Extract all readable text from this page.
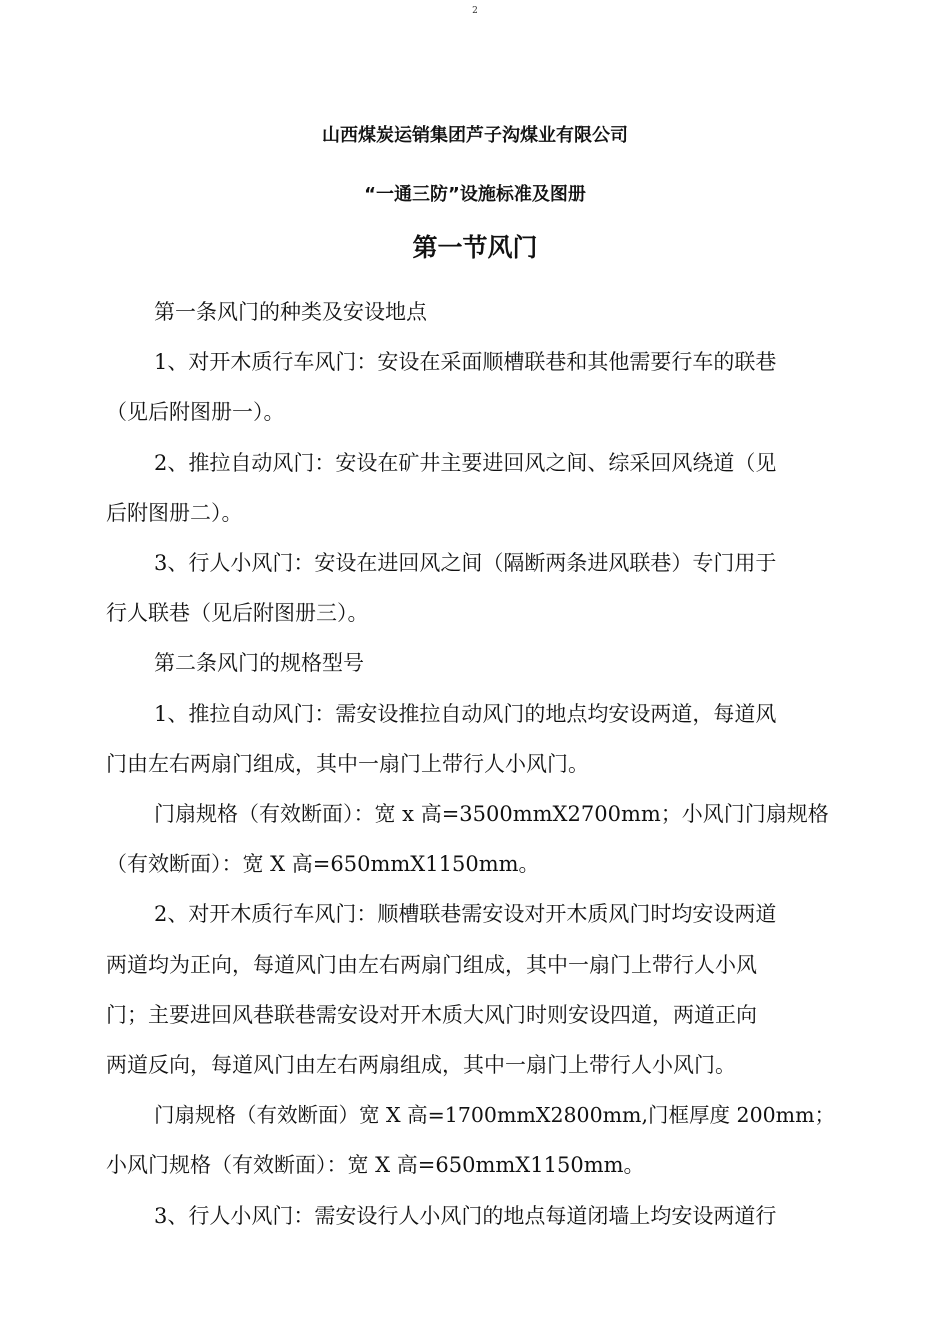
2
山西煤炭运销集团芦子沟煤业有限公司
“一通三防”设施标准及图册
第一节风门
第一条风门的种类及安设地点
1、对开木质行车风门：安设在采面顺槽联巷和其他需要行车的联巷
（见后附图册一）。
2、推拉自动风门：安设在矿井主要进回风之间、综采回风绕道（见
后附图册二）。
3、行人小风门：安设在进回风之间（隔断两条进风联巷）专门用于
行人联巷（见后附图册三）。
第二条风门的规格型号
1、推拉自动风门：需安设推拉自动风门的地点均安设两道，每道风
门由左右两扇门组成，其中一扇门上带行人小风门。
门扇规格（有效断面）：宽 x 高=3500mmX2700mm；小风门门扇规格
（有效断面）：宽 X 高=650mmX1150mm。
2、对开木质行车风门：顺槽联巷需安设对开木质风门时均安设两道
两道均为正向，每道风门由左右两扇门组成，其中一扇门上带行人小风
门；主要进回风巷联巷需安设对开木质大风门时则安设四道，两道正向
两道反向，每道风门由左右两扇组成，其中一扇门上带行人小风门。
门扇规格（有效断面）宽 X 高=1700mmX2800mm,门框厚度 200mm；
小风门规格（有效断面）：宽 X 高=650mmX1150mm。
3、行人小风门：需安设行人小风门的地点每道闭墙上均安设两道行
